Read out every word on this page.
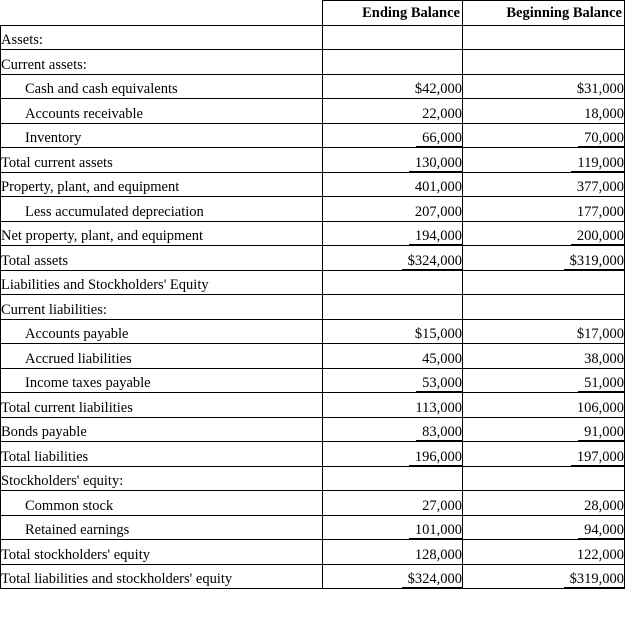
	Ending Balance	Beginning Balance
Assets:		
Current assets:		
Cash and cash equivalents	$42,000	$31,000
Accounts receivable	22,000	18,000
Inventory	66,000	70,000
Total current assets	130,000	119,000
Property, plant, and equipment	401,000	377,000
Less accumulated depreciation	207,000	177,000
Net property, plant, and equipment	194,000	200,000
Total assets	$324,000	$319,000
Liabilities and Stockholders' Equity		
Current liabilities:		
Accounts payable	$15,000	$17,000
Accrued liabilities	45,000	38,000
Income taxes payable	53,000	51,000
Total current liabilities	113,000	106,000
Bonds payable	83,000	91,000
Total liabilities	196,000	197,000
Stockholders' equity:		
Common stock	27,000	28,000
Retained earnings	101,000	94,000
Total stockholders' equity	128,000	122,000
Total liabilities and stockholders' equity	$324,000	$319,000
